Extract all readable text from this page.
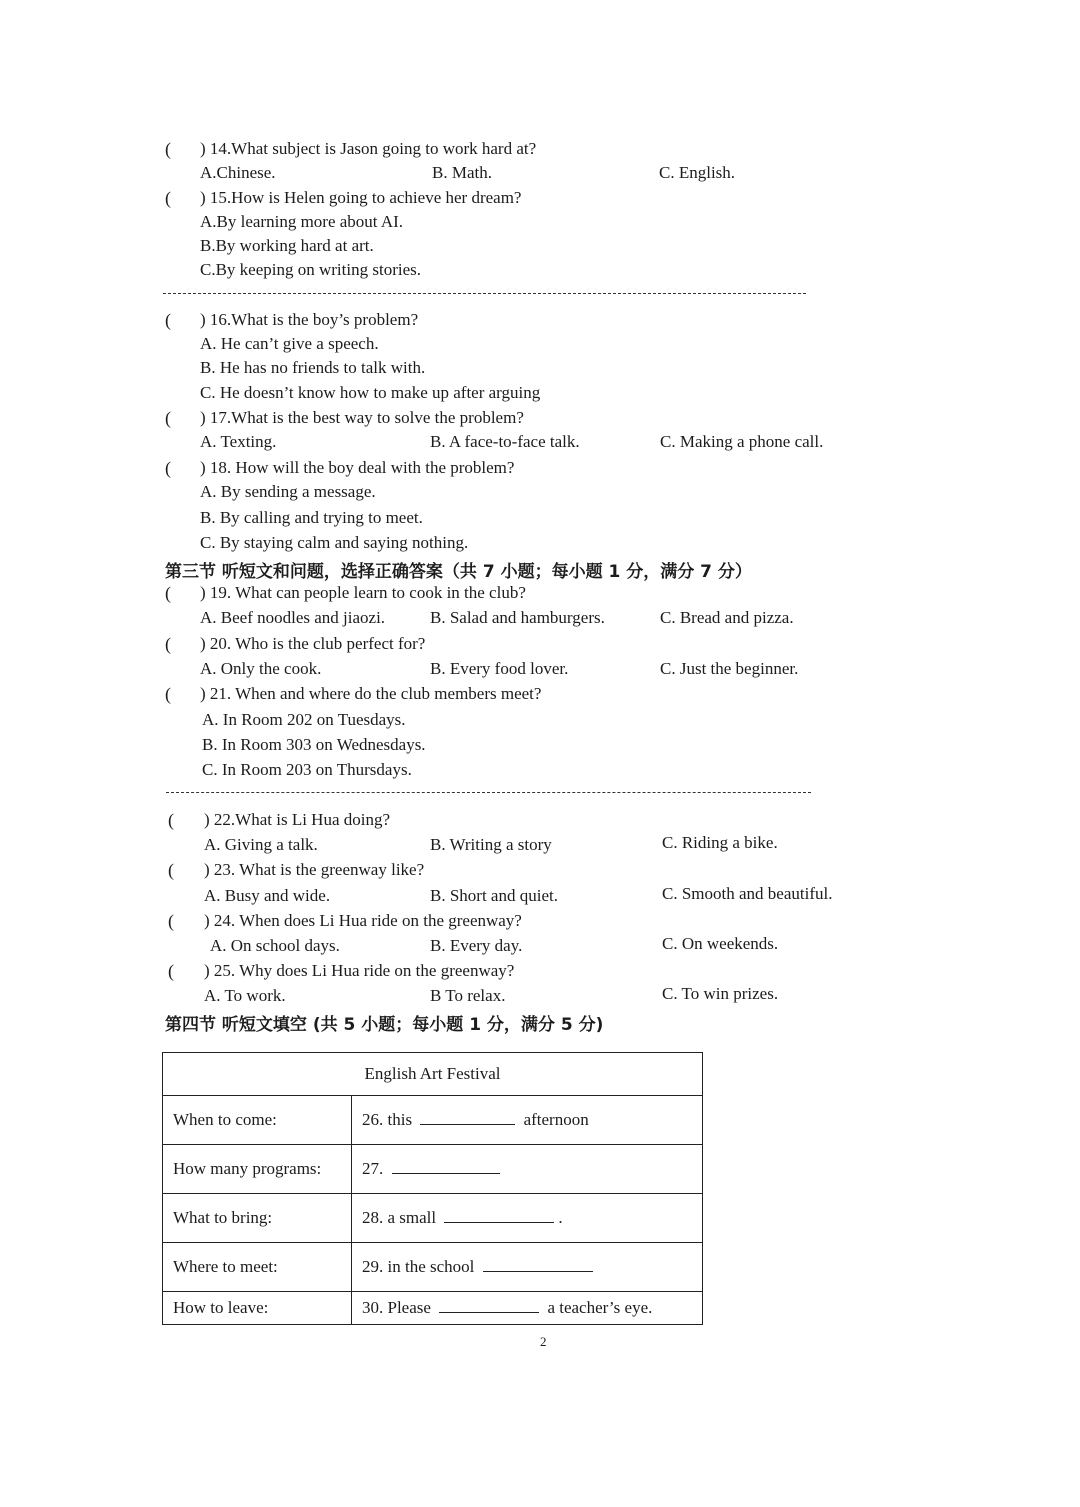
( ) 14.What subject is Jason going to work hard at?
A.Chinese.	B. Math.	C. English.
( ) 15.How is Helen going to achieve her dream?
A.By learning more about AI.
B.By working hard at art.
C.By keeping on writing stories.
( ) 16.What is the boy’s problem?
A. He can’t give a speech.
B. He has no friends to talk with.
C. He doesn’t know how to make up after arguing
( ) 17.What is the best way to solve the problem?
A. Texting.	B. A face-to-face talk.	C. Making a phone call.
( ) 18. How will the boy deal with the problem?
A. By sending a message.
B. By calling and trying to meet.
C. By staying calm and saying nothing.
第三节 听短文和问题，选择正确答案（共 7 小题；每小题 1 分，满分 7 分）
( ) 19. What can people learn to cook in the club?
A. Beef noodles and jiaozi.	B. Salad and hamburgers.	C. Bread and pizza.
( ) 20. Who is the club perfect for?
A. Only the cook.	B. Every food lover.	C. Just the beginner.
( ) 21. When and where do the club members meet?
A. In Room 202 on Tuesdays.
B. In Room 303 on Wednesdays.
C. In Room 203 on Thursdays.
( ) 22.What is Li Hua doing?
A. Giving a talk.	B. Writing a story	C. Riding a bike.
( ) 23. What is the greenway like?
A. Busy and wide.	B. Short and quiet.	C. Smooth and beautiful.
( ) 24. When does Li Hua ride on the greenway?
A. On school days.	B. Every day.	C. On weekends.
( ) 25. Why does Li Hua ride on the greenway?
A. To work.	B To relax.	C. To win prizes.
第四节 听短文填空 (共 5 小题；每小题 1 分，满分 5 分)
English Art Festival	
When to come:	26. this afternoon
How many programs:	27.
What to bring:	28. a small .
Where to meet:	29. in the school
How to leave:	30. Please a teacher’s eye.
2
